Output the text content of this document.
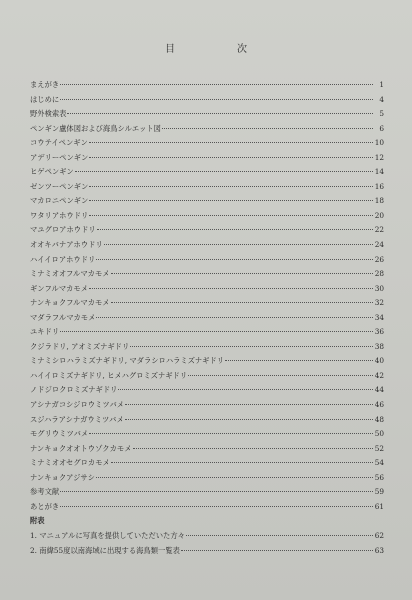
目　次
まえがき	1
はじめに	4
野外検索表	5
ペンギン盧体図および海鳥シルエット図	6
コウテイペンギン	10
アデリーペンギン	12
ヒゲペンギン	14
ゼンツーペンギン	16
マカロニペンギン	18
ワタリアホウドリ	20
マユグロアホウドリ	22
オオキバナアホウドリ	24
ハイイロアホウドリ	26
ミナミオオフルマカモメ	28
ギンフルマカモメ	30
ナンキョクフルマカモメ	32
マダラフルマカモメ	34
ユキドリ	36
クジラドリ, アオミズナギドリ	38
ミナミシロハラミズナギドリ, マダラシロハラミズナギドリ	40
ハイイロミズナギドリ, ヒメハグロミズナギドリ	42
ノドジロクロミズナギドリ	44
アシナガコシジロウミツバメ	46
スジハラアシナガウミツバメ	48
モグリウミツバメ	50
ナンキョクオオトウゾクカモメ	52
ミナミオオセグロカモメ	54
ナンキョクアジサシ	56
参考文献	59
あとがき	61
附表
1. マニュアルに写真を提供していただいた方々	62
2. 南緯55度以南海域に出現する海鳥類一覧表	63
